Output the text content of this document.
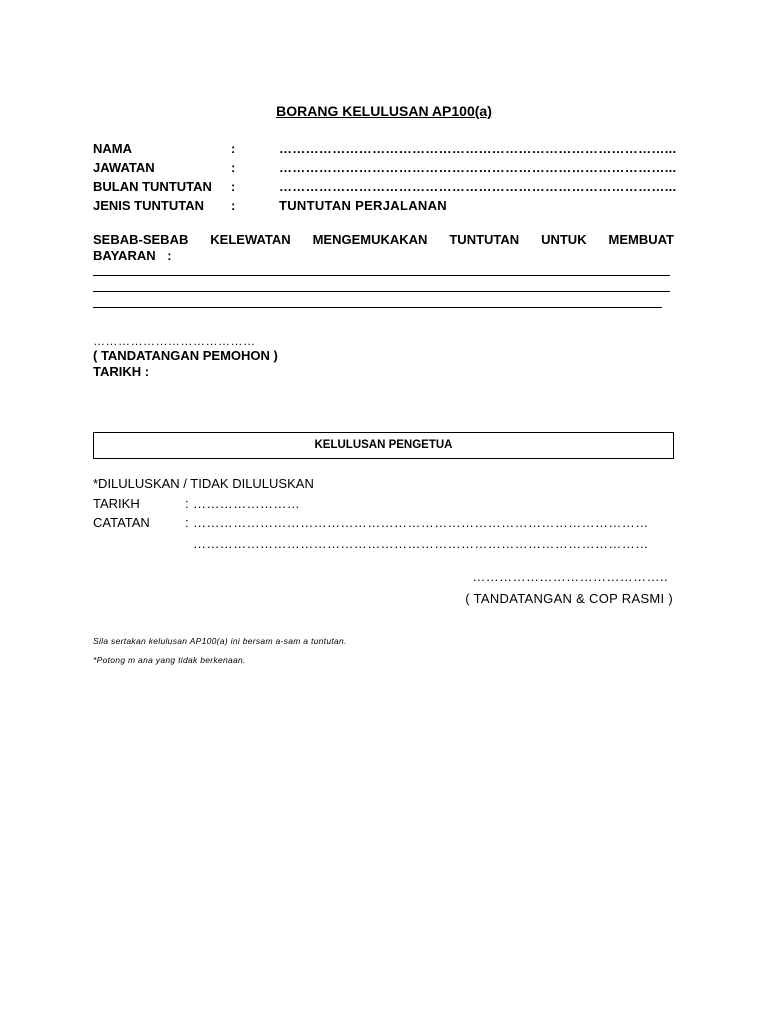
BORANG KELULUSAN AP100(a)
NAMA	:	……………………………………………………………………………...
JAWATAN	:	……………………………………………………………………………...
BULAN TUNTUTAN :	……………………………………………………………………………...
JENIS TUNTUTAN :	TUNTUTAN PERJALANAN
SEBAB-SEBAB KELEWATAN MENGEMUKAKAN TUNTUTAN UNTUK MEMBUAT BAYARAN :
…………………………………
( TANDATANGAN PEMOHON )
TARIKH :
KELULUSAN PENGETUA
*DILULUSKAN / TIDAK DILULUSKAN
TARIKH	: ……………………
CATATAN	: …………………………………………………………………………………………
…………………………………………………………………………………………
……………………………………..
( TANDATANGAN & COP RASMI )
Sila sertakan kelulusan AP100(a) ini bersam a-sam a tuntutan.
*Potong m ana yang tidak berkenaan.
